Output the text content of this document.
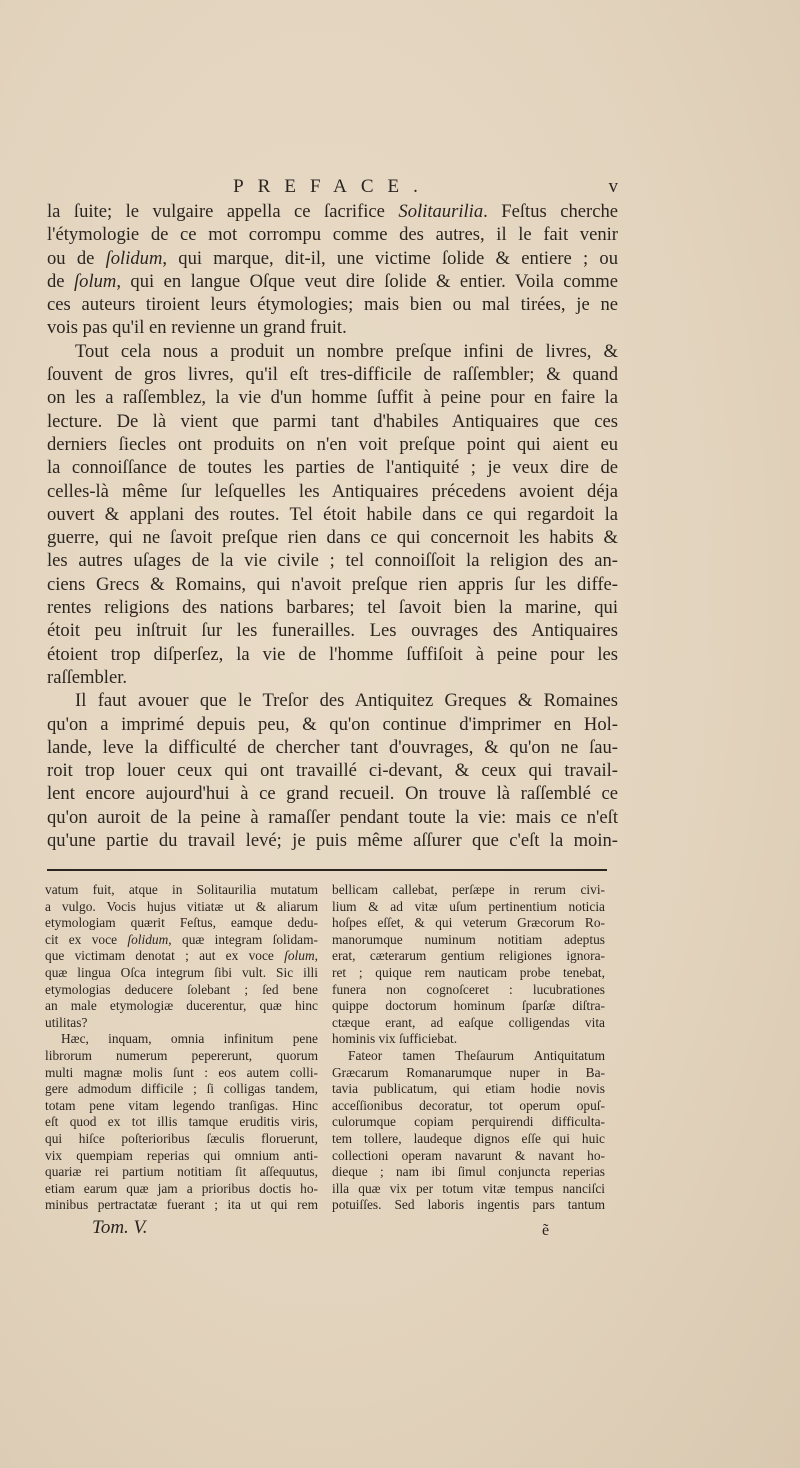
PREFACE.	v
la ſuite; le vulgaire appella ce ſacrifice Solitaurilia. Feſtus cherche
l'étymologie de ce mot corrompu comme des autres, il le fait venir
ou de ſolidum, qui marque, dit-il, une victime ſolide & entiere ; ou
de ſolum, qui en langue Oſque veut dire ſolide & entier. Voila comme
ces auteurs tiroient leurs étymologies; mais bien ou mal tirées, je ne
vois pas qu'il en revienne un grand fruit.
Tout cela nous a produit un nombre preſque infini de livres, &
ſouvent de gros livres, qu'il eſt tres-difficile de raſſembler; & quand
on les a raſſemblez, la vie d'un homme ſuffit à peine pour en faire la
lecture. De là vient que parmi tant d'habiles Antiquaires que ces
derniers ſiecles ont produits on n'en voit preſque point qui aient eu
la connoiſſance de toutes les parties de l'antiquité ; je veux dire de
celles-là même ſur leſquelles les Antiquaires précedens avoient déja
ouvert & applani des routes. Tel étoit habile dans ce qui regardoit la
guerre, qui ne ſavoit preſque rien dans ce qui concernoit les habits &
les autres uſages de la vie civile ; tel connoiſſoit la religion des an-
ciens Grecs & Romains, qui n'avoit preſque rien appris ſur les diffe-
rentes religions des nations barbares; tel ſavoit bien la marine, qui
étoit peu inſtruit ſur les funerailles. Les ouvrages des Antiquaires
étoient trop diſperſez, la vie de l'homme ſuffiſoit à peine pour les
raſſembler.
Il faut avouer que le Treſor des Antiquitez Greques & Romaines
qu'on a imprimé depuis peu, & qu'on continue d'imprimer en Hol-
lande, leve la difficulté de chercher tant d'ouvrages, & qu'on ne ſau-
roit trop louer ceux qui ont travaillé ci-devant, & ceux qui travail-
lent encore aujourd'hui à ce grand recueil. On trouve là raſſemblé ce
qu'on auroit de la peine à ramaſſer pendant toute la vie: mais ce n'eſt
qu'une partie du travail levé; je puis même aſſurer que c'eſt la moin-
vatum fuit, atque in Solitaurilia mutatum
a vulgo. Vocis hujus vitiatæ ut & aliarum
etymologiam quærit Feſtus, eamque dedu-
cit ex voce ſolidum, quæ integram ſolidam-
que victimam denotat ; aut ex voce ſolum,
quæ lingua Oſca integrum ſibi vult. Sic illi
etymologias deducere ſolebant ; ſed bene
an male etymologiæ ducerentur, quæ hinc
utilitas?
Hæc, inquam, omnia infinitum pene
librorum numerum pepererunt, quorum
multi magnæ molis ſunt : eos autem colli-
gere admodum difficile ; ſi colligas tandem,
totam pene vitam legendo tranſigas. Hinc
eſt quod ex tot illis tamque eruditis viris,
qui hiſce poſterioribus ſæculis floruerunt,
vix quempiam reperias qui omnium anti-
quariæ rei partium notitiam ſit aſſequutus,
etiam earum quæ jam a prioribus doctis ho-
minibus pertractatæ fuerant ; ita ut qui rem
bellicam callebat, perſæpe in rerum civi-
lium & ad vitæ uſum pertinentium noticia
hoſpes eſſet, & qui veterum Græcorum Ro-
manorumque numinum notitiam adeptus
erat, cæterarum gentium religiones ignora-
ret ; quique rem nauticam probe tenebat,
funera non cognoſceret : lucubrationes
quippe doctorum hominum ſparſæ diſtra-
ctæque erant, ad eaſque colligendas vita
hominis vix ſufficiebat.
Fateor tamen Theſaurum Antiquitatum
Græcarum Romanarumque nuper in Ba-
tavia publicatum, qui etiam hodie novis
acceſſionibus decoratur, tot operum opuſ-
culorumque copiam perquirendi difficulta-
tem tollere, laudeque dignos eſſe qui huic
collectioni operam navarunt & navant ho-
dieque ; nam ibi ſimul conjuncta reperias
illa quæ vix per totum vitæ tempus nanciſci
potuiſſes. Sed laboris ingentis pars tantum
Tom. V.	ẽ
